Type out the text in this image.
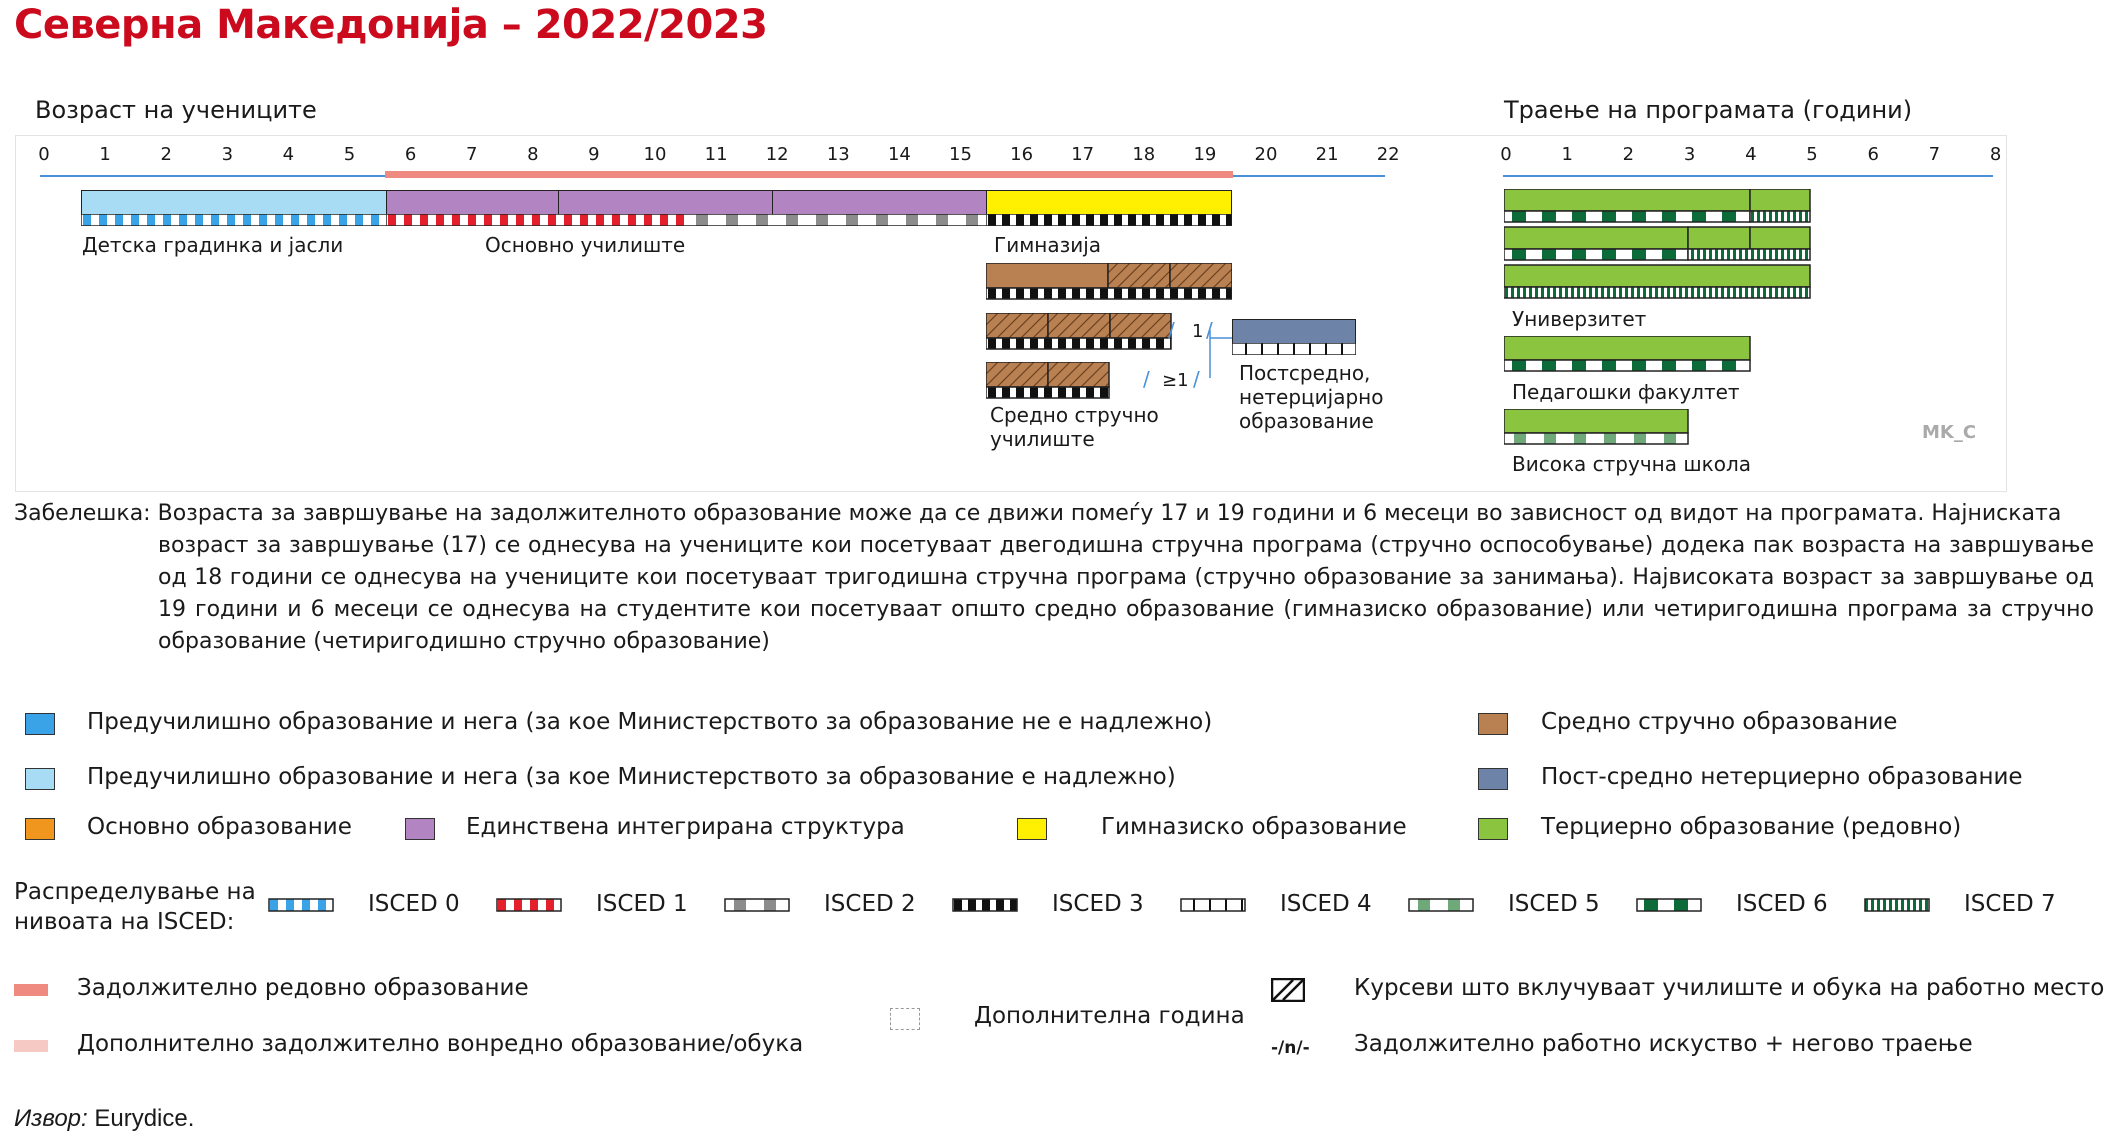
Северна Македонија – 2022/2023
Возраст на учениците	Траење на програмата (години)
0	1	2	3	4	5	6	7	8	9	10	11	12	13	14	15	16	17	18	19	20	21	22	0	1	2	3	4	5	6	7	8
Детска градинка и јасли	Основно училиште	Гимназија
Средно стручно
училиште
/ 1 /
/ ≥1 / Постсредно,
нетерцијарно
образование
Универзитет
Педагошки факултет
Висока стручна школа
MK_C
Забелешка: Возраста за завршување на задолжителното образование може да се движи помеѓу 17 и 19 години и 6 месеци во зависност од видот на програмата. Најниската
возраст за завршување (17) се однесува на учениците кои посетуваат двегодишна стручна програма (стручно оспособување) додека пак возраста на завршување од 18 години се однесува на учениците кои посетуваат тригодишна стручна програма (стручно образование за занимања). Највисоката возраст за завршување од 19 години и 6 месеци се однесува на студентите кои посетуваат општо средно образование (гимназиско образование) или четиригодишна програма за стручно образование (четиригодишно стручно образование)
Предучилишно образование и нега (за кое Министерството за образование не е надлежно)	Средно стручно образование
Предучилишно образование и нега (за кое Министерството за образование е надлежно)	Пост-средно нетерциерно образование
Основно образование	Единствена интегрирана структура	Гимназиско образование	Терциерно образование (редовно)
Распределување на
нивоата на ISCED:
ISCED 0	ISCED 1	ISCED 2	ISCED 3	ISCED 4	ISCED 5	ISCED 6	ISCED 7
Задолжително редовно образование
Дополнително задолжително вонредно образование/обука
Дополнителна година
Курсеви што вклучуваат училиште и обука на работно место
-/n/- Задолжително работно искуство + негово траење
Извор: Eurydice.
